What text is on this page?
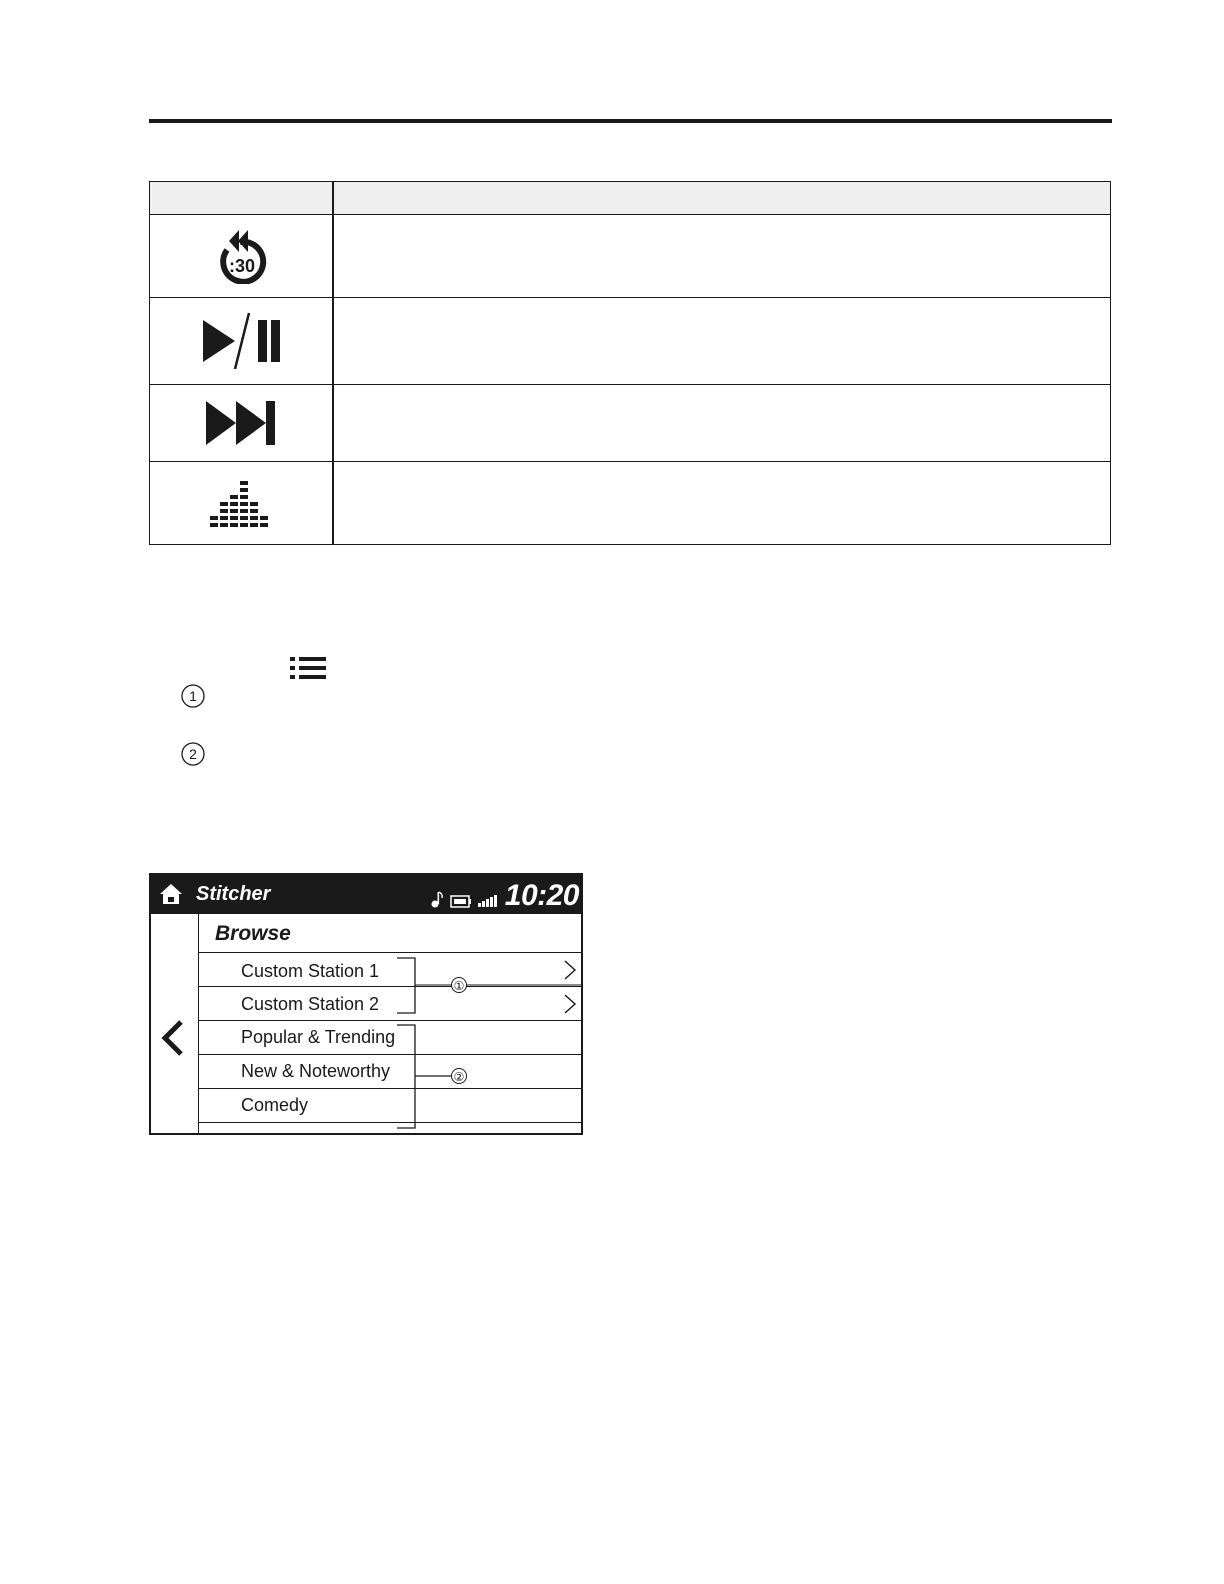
:30
1
2
Stitcher	10:20
Browse
Custom Station 1
Custom Station 2
Popular & Trending
New & Noteworthy
Comedy
①
②
